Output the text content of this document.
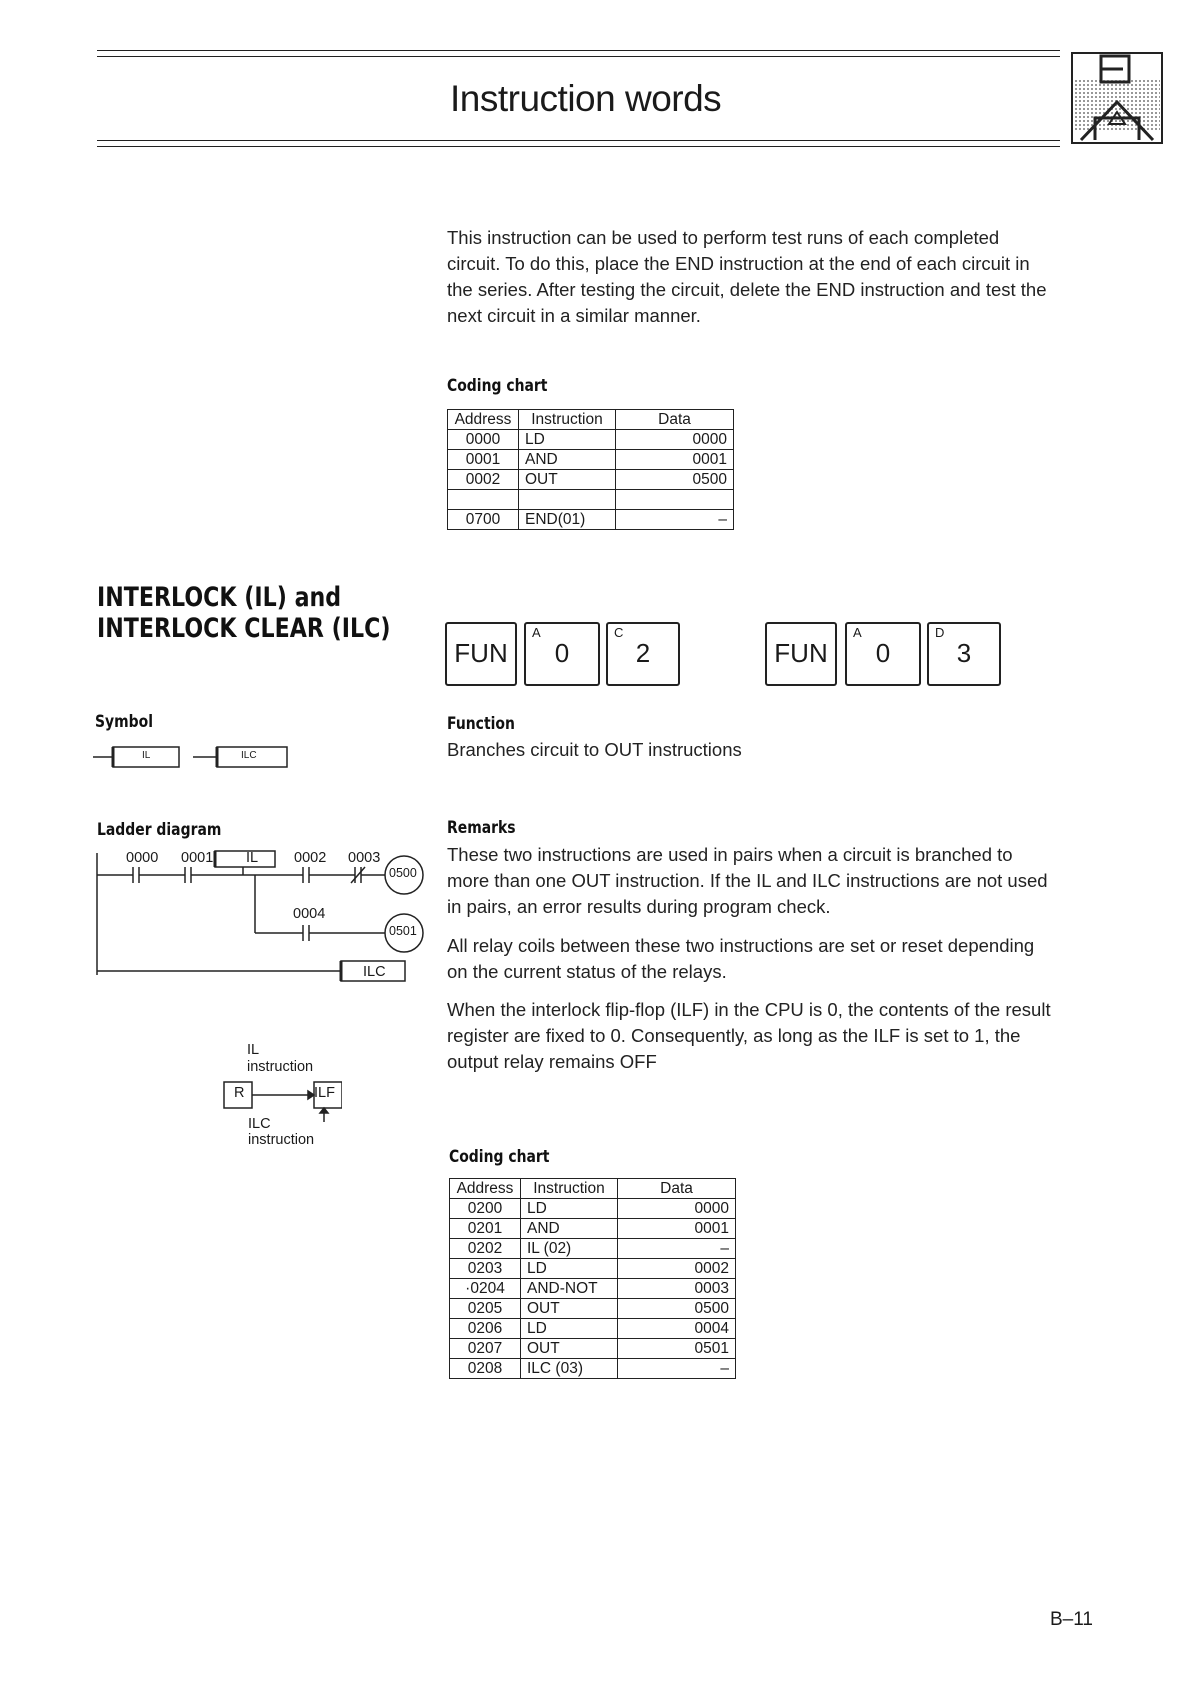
Instruction words
This instruction can be used to perform test runs of each completed
circuit. To do this, place the END instruction at the end of each circuit in
the series. After testing the circuit, delete the END instruction and test the
next circuit in a similar manner.
Coding chart
Address	Instruction	Data
0000	LD	0000
0001	AND	0001
0002	OUT	0500

0700	END(01)	–
INTERLOCK (IL) and
INTERLOCK CLEAR (ILC)
FUN
A
0
C
2	FUN
A
0
D
3
Symbol
IL	ILC
Function
Branches circuit to OUT instructions
Ladder diagram
0000 0001 IL 0002 0003
0500
0004
0501
ILC
Remarks
These two instructions are used in pairs when a circuit is branched to
more than one OUT instruction. If the IL and ILC instructions are not used
in pairs, an error results during program check.
All relay coils between these two instructions are set or reset depending
on the current status of the relays.
When the interlock flip-flop (ILF) in the CPU is 0, the contents of the result
register are fixed to 0. Consequently, as long as the ILF is set to 1, the
output relay remains OFF
IL
instruction
R	ILF
ILC
instruction
Coding chart
Address	Instruction	Data
0200	LD	0000
0201	AND	0001
0202	IL (02)	–
0203	LD	0002
·0204	AND-NOT	0003
0205	OUT	0500
0206	LD	0004
0207	OUT	0501
0208	ILC (03)	–
B–11
